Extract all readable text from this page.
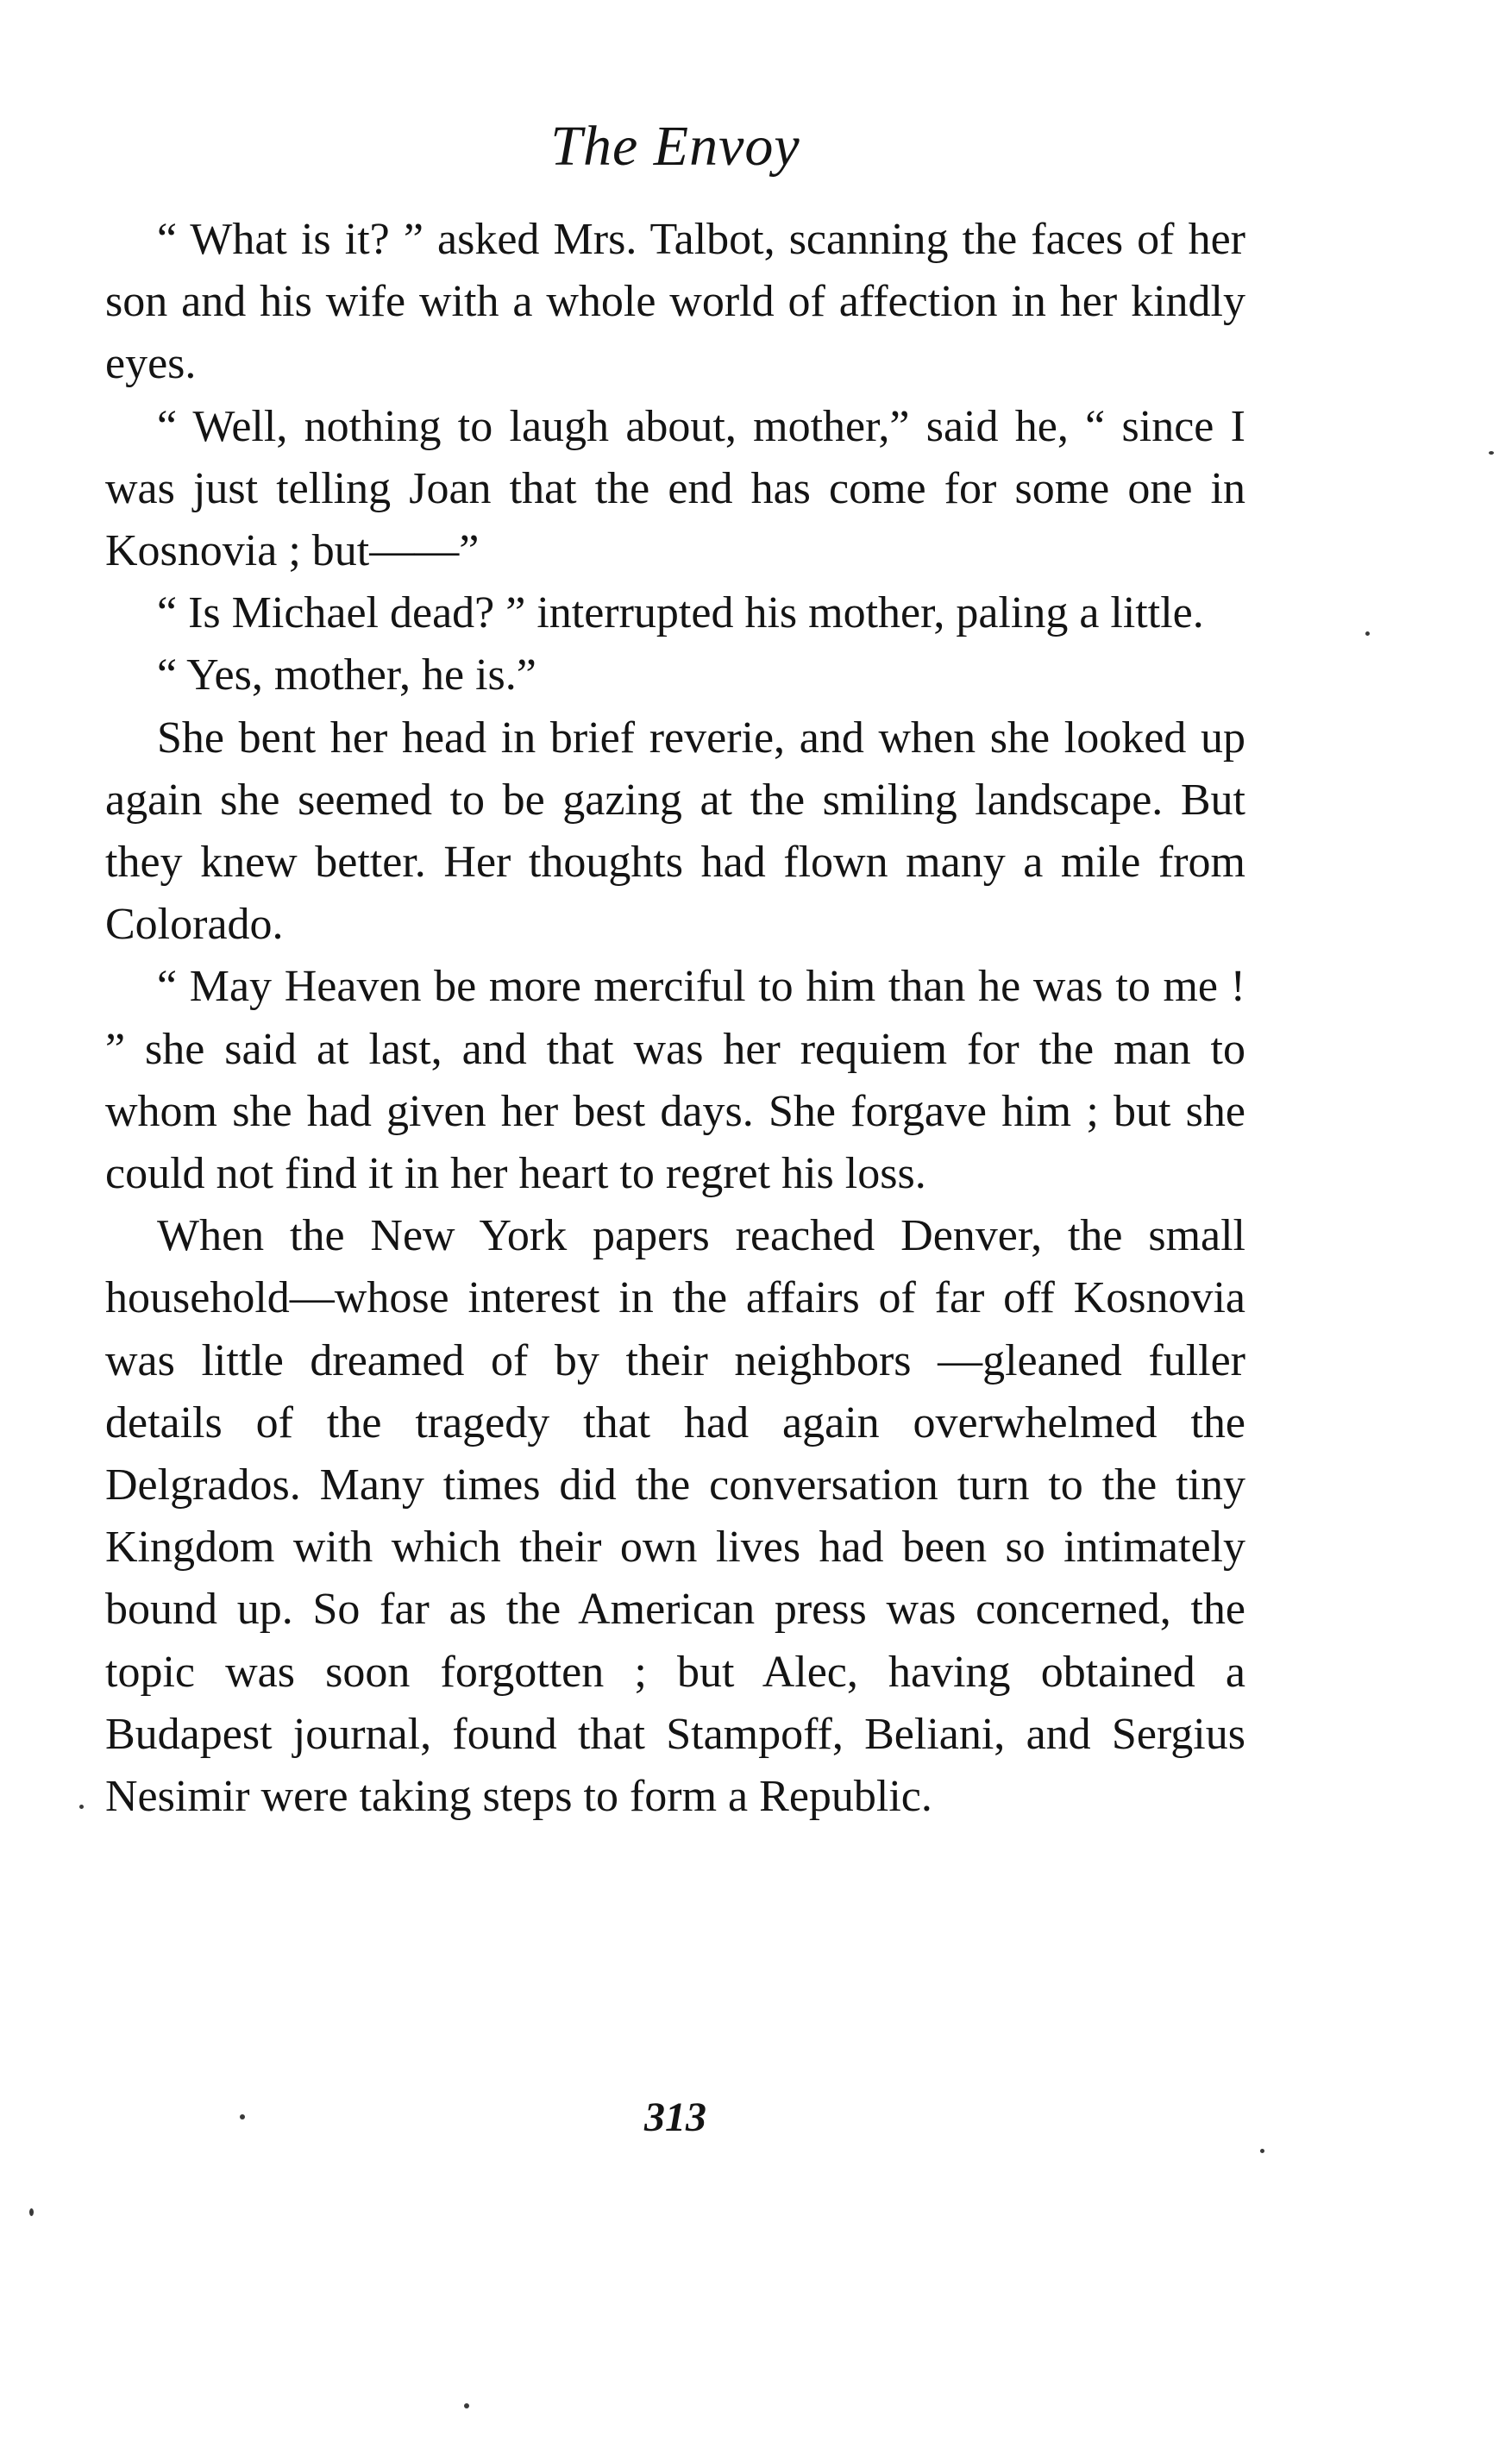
The Envoy

“ What is it? ” asked Mrs. Talbot, scanning the faces of her son and his wife with a whole world of affection in her kindly eyes.

“ Well, nothing to laugh about, mother,” said he, “ since I was just telling Joan that the end has come for some one in Kosnovia ; but——”

“ Is Michael dead? ” interrupted his mother, paling a little.

“ Yes, mother, he is.”

She bent her head in brief reverie, and when she looked up again she seemed to be gazing at the smiling landscape. But they knew better. Her thoughts had flown many a mile from Colorado.

“ May Heaven be more merciful to him than he was to me ! ” she said at last, and that was her requiem for the man to whom she had given her best days. She forgave him ; but she could not find it in her heart to regret his loss.

When the New York papers reached Denver, the small household—whose interest in the affairs of far off Kosnovia was little dreamed of by their neighbors —gleaned fuller details of the tragedy that had again overwhelmed the Delgrados. Many times did the conversation turn to the tiny Kingdom with which their own lives had been so intimately bound up. So far as the American press was concerned, the topic was soon forgotten ; but Alec, having obtained a Budapest journal, found that Stampoff, Beliani, and Sergius Nesimir were taking steps to form a Republic.

313
